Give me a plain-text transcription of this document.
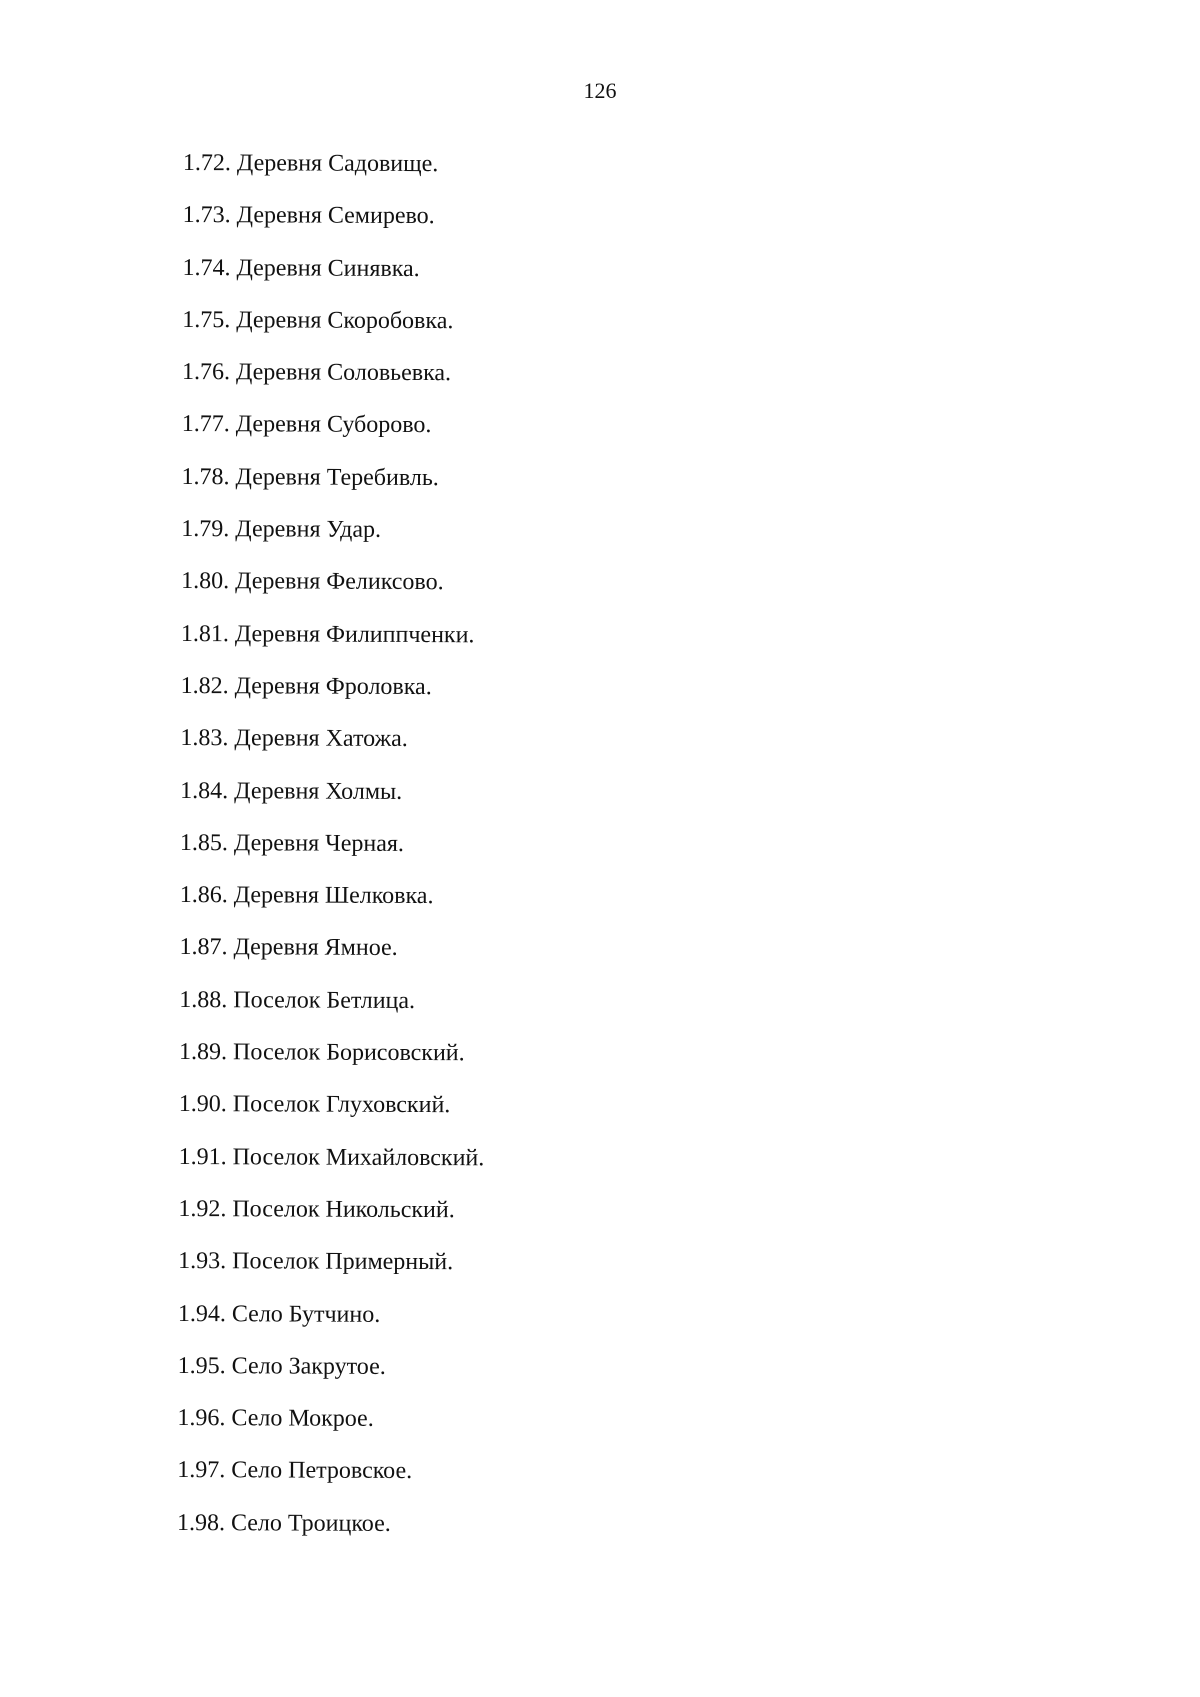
126
1.72. Деревня Садовище.
1.73. Деревня Семирево.
1.74. Деревня Синявка.
1.75. Деревня Скоробовка.
1.76. Деревня Соловьевка.
1.77. Деревня Суборово.
1.78. Деревня Теребивль.
1.79. Деревня Удар.
1.80. Деревня Феликсово.
1.81. Деревня Филиппченки.
1.82. Деревня Фроловка.
1.83. Деревня Хатожа.
1.84. Деревня Холмы.
1.85. Деревня Черная.
1.86. Деревня Шелковка.
1.87. Деревня Ямное.
1.88. Поселок Бетлица.
1.89. Поселок Борисовский.
1.90. Поселок Глуховский.
1.91. Поселок Михайловский.
1.92. Поселок Никольский.
1.93. Поселок Примерный.
1.94. Село Бутчино.
1.95. Село Закрутое.
1.96. Село Мокрое.
1.97. Село Петровское.
1.98. Село Троицкое.
